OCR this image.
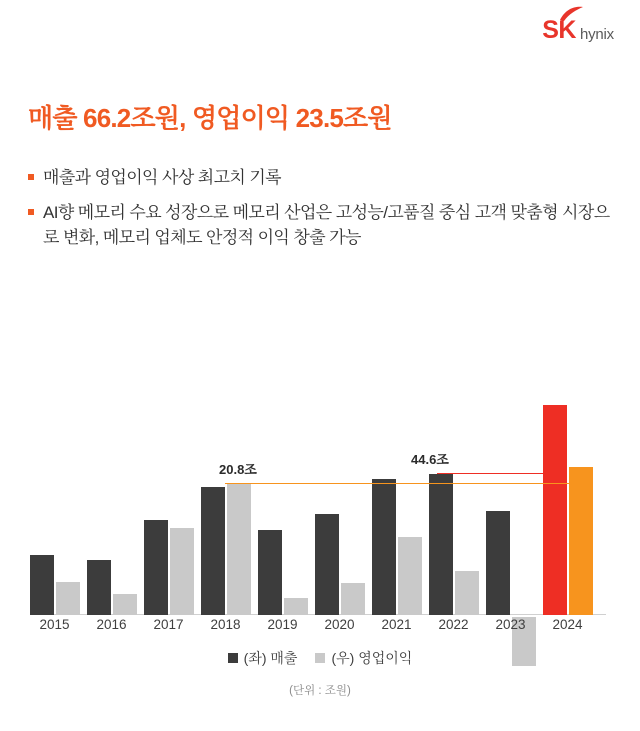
SK hynix
매출 66.2조원, 영업이익 23.5조원
매출과 영업이익 사상 최고치 기록
AI향 메모리 수요 성장으로 메모리 산업은 고성능/고품질 중심 고객 맞춤형 시장으로 변화, 메모리 업체도 안정적 이익 창출 가능
20.8조
44.6조
2015	2016	2017	2018	2019	2020	2021	2022	2023	2024
(좌) 매출 (우) 영업이익
(단위 : 조원)
